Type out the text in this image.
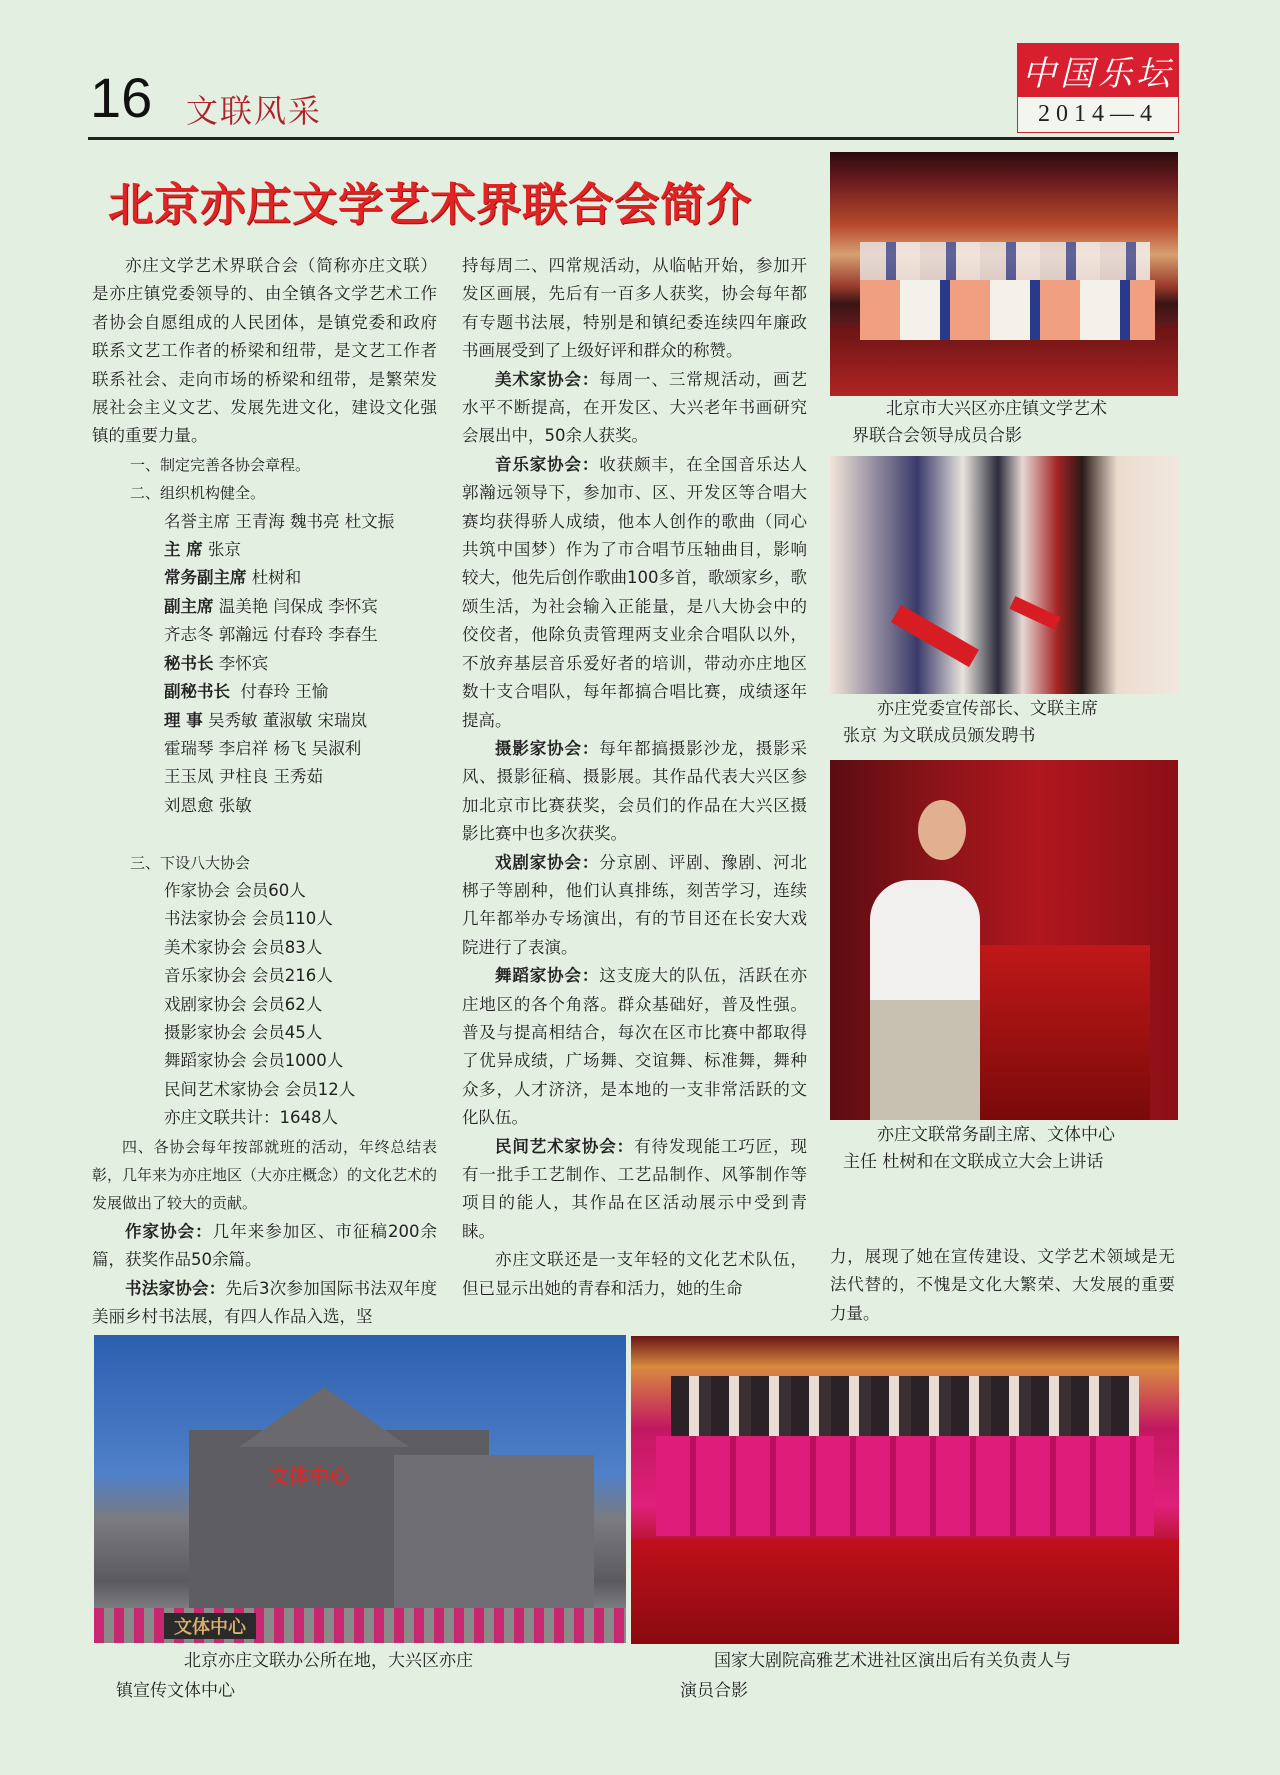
16 文联风采
中国乐坛
2014—4
北京亦庄文学艺术界联合会简介

亦庄文学艺术界联合会（简称亦庄文联）是亦庄镇党委领导的、由全镇各文学艺术工作者协会自愿组成的人民团体，是镇党委和政府联系文艺工作者的桥梁和纽带，是文艺工作者联系社会、走向市场的桥梁和纽带，是繁荣发展社会主义文艺、发展先进文化，建设文化强镇的重要力量。

一、制定完善各协会章程。

二、组织机构健全。

名誉主席 王青海 魏书亮 杜文振

主 席 张京

常务副主席 杜树和

副主席 温美艳 闫保成 李怀宾

齐志冬 郭瀚远 付春玲 李春生

秘书长 李怀宾

副秘书长  付春玲 王愉

理 事 吴秀敏 董淑敏 宋瑞岚

霍瑞琴 李启祥 杨飞 吴淑利

王玉凤 尹柱良 王秀茹

刘恩愈 张敏

三、下设八大协会

作家协会 会员60人

书法家协会 会员110人

美术家协会 会员83人

音乐家协会 会员216人

戏剧家协会 会员62人

摄影家协会 会员45人

舞蹈家协会 会员1000人

民间艺术家协会 会员12人

亦庄文联共计：1648人

四、各协会每年按部就班的活动，年终总结表彰，几年来为亦庄地区（大亦庄概念）的文化艺术的发展做出了较大的贡献。

作家协会：几年来参加区、市征稿200余篇，获奖作品50余篇。

书法家协会：先后3次参加国际书法双年度美丽乡村书法展，有四人作品入选，坚

持每周二、四常规活动，从临帖开始，参加开发区画展，先后有一百多人获奖，协会每年都有专题书法展，特别是和镇纪委连续四年廉政书画展受到了上级好评和群众的称赞。

美术家协会：每周一、三常规活动，画艺水平不断提高，在开发区、大兴老年书画研究会展出中，50余人获奖。

音乐家协会：收获颇丰，在全国音乐达人郭瀚远领导下，参加市、区、开发区等合唱大赛均获得骄人成绩，他本人创作的歌曲（同心共筑中国梦）作为了市合唱节压轴曲目，影响较大，他先后创作歌曲100多首，歌颂家乡，歌颂生活，为社会输入正能量，是八大协会中的佼佼者，他除负责管理两支业余合唱队以外，不放弃基层音乐爱好者的培训，带动亦庄地区数十支合唱队，每年都搞合唱比赛，成绩逐年提高。

摄影家协会：每年都搞摄影沙龙，摄影采风、摄影征稿、摄影展。其作品代表大兴区参加北京市比赛获奖，会员们的作品在大兴区摄影比赛中也多次获奖。

戏剧家协会：分京剧、评剧、豫剧、河北梆子等剧种，他们认真排练，刻苦学习，连续几年都举办专场演出，有的节目还在长安大戏院进行了表演。

舞蹈家协会：这支庞大的队伍，活跃在亦庄地区的各个角落。群众基础好，普及性强。普及与提高相结合，每次在区市比赛中都取得了优异成绩，广场舞、交谊舞、标准舞，舞种众多，人才济济，是本地的一支非常活跃的文化队伍。

民间艺术家协会：有待发现能工巧匠，现有一批手工艺制作、工艺品制作、风筝制作等项目的能人，其作品在区活动展示中受到青睐。

亦庄文联还是一支年轻的文化艺术队伍，但已显示出她的青春和活力，她的生命

力，展现了她在宣传建设、文学艺术领域是无法代替的，不愧是文化大繁荣、大发展的重要力量。
北京市大兴区亦庄镇文学艺术
界联合会领导成员合影
亦庄党委宣传部长、文联主席
张京 为文联成员颁发聘书
亦庄文联常务副主席、文体中心
主任 杜树和在文联成立大会上讲话
文体中心
文体中心
北京亦庄文联办公所在地，大兴区亦庄
镇宣传文体中心
国家大剧院高雅艺术进社区演出后有关负责人与
演员合影
